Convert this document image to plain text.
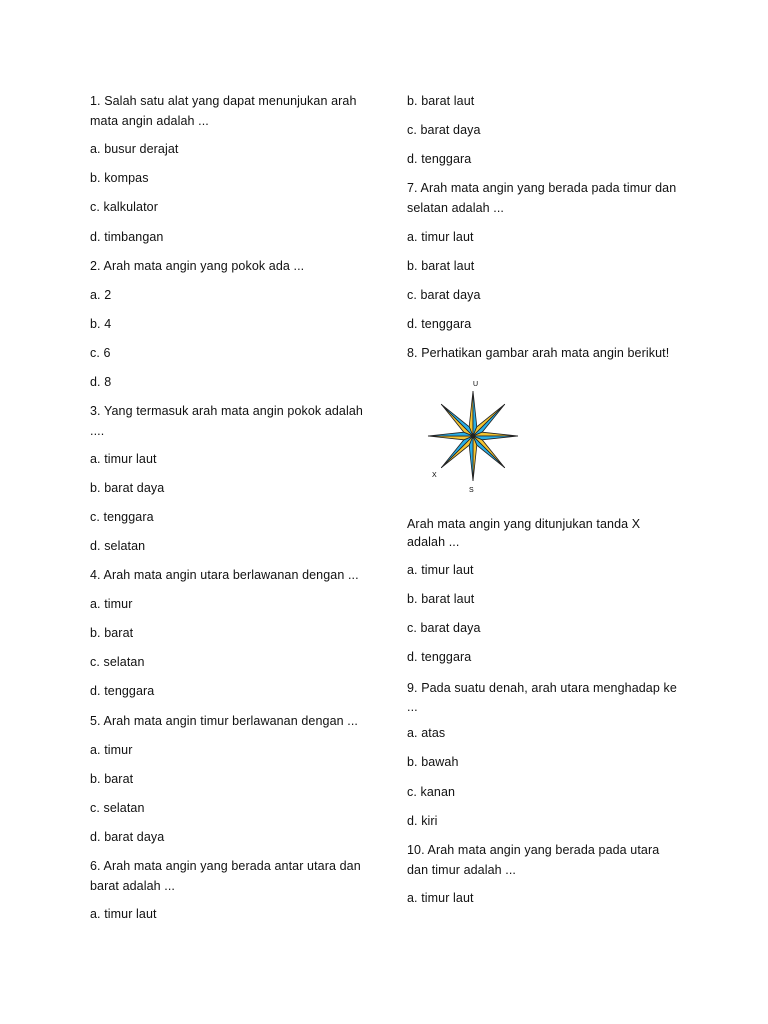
1. Salah satu alat yang dapat menunjukan arah
mata angin adalah ...
a. busur derajat
b. kompas
c. kalkulator
d. timbangan
2. Arah mata angin yang pokok ada ...
a. 2
b. 4
c. 6
d. 8
3. Yang termasuk arah mata angin pokok adalah
....
a. timur laut
b. barat daya
c. tenggara
d. selatan
4. Arah mata angin utara berlawanan dengan ...
a. timur
b. barat
c. selatan
d. tenggara
5. Arah mata angin timur berlawanan dengan ...
a. timur
b. barat
c. selatan
d. barat daya
6. Arah mata angin yang berada antar utara dan
barat adalah ...
a. timur laut
b. barat laut
c. barat daya
d. tenggara
7. Arah mata angin yang berada pada timur dan
selatan adalah ...
a. timur laut
b. barat laut
c. barat daya
d. tenggara
8. Perhatikan gambar arah mata angin berikut!
U
S
X
Arah mata angin yang ditunjukan tanda X
adalah ...
a. timur laut
b. barat laut
c. barat daya
d. tenggara
9. Pada suatu denah, arah utara menghadap ke
...
a. atas
b. bawah
c. kanan
d. kiri
10. Arah mata angin yang berada pada utara
dan timur adalah ...
a. timur laut
